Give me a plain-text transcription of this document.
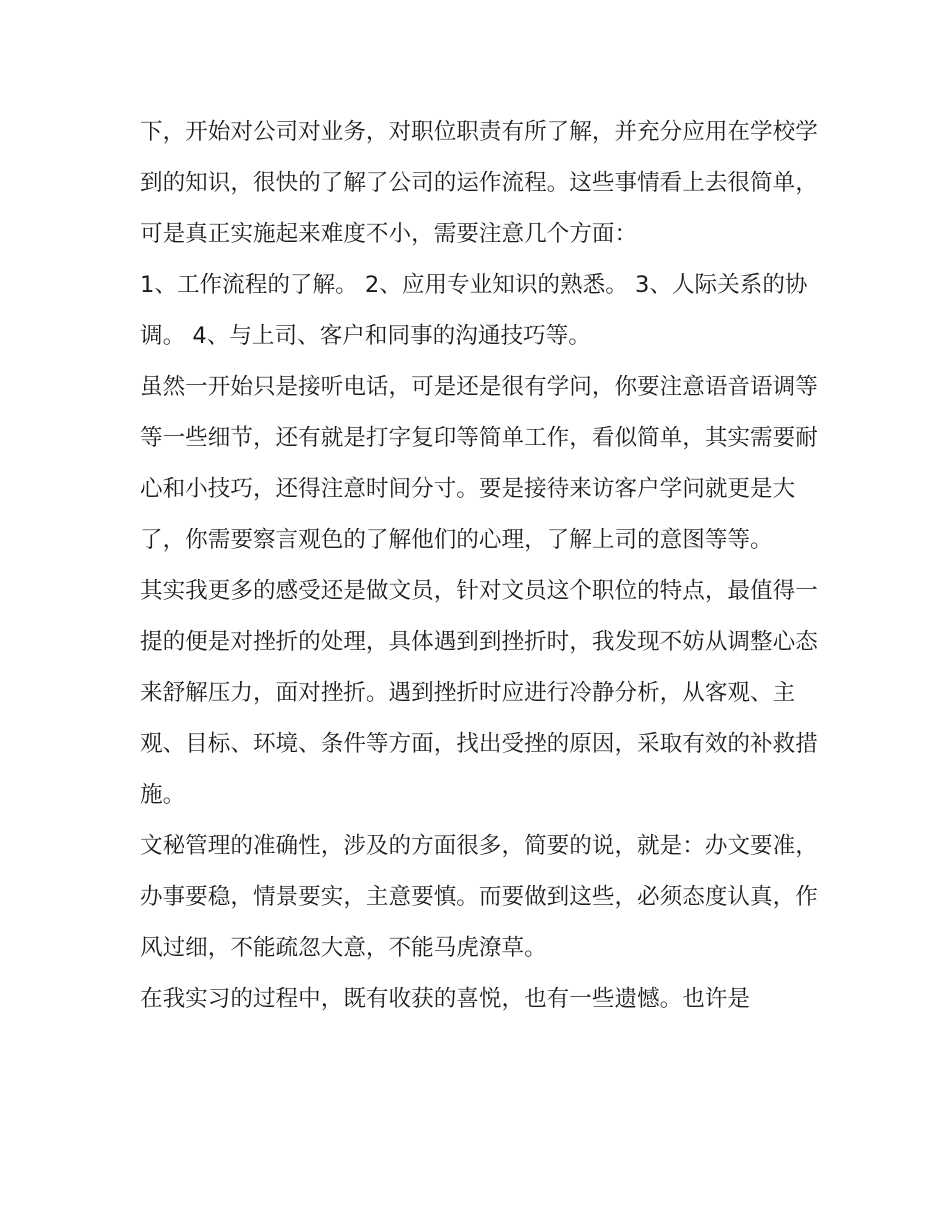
下，开始对公司对业务，对职位职责有所了解，并充分应用在学校学到的知识，很快的了解了公司的运作流程。这些事情看上去很简单，可是真正实施起来难度不小，需要注意几个方面：

1、工作流程的了解。 2、应用专业知识的熟悉。 3、人际关系的协调。 4、与上司、客户和同事的沟通技巧等。

虽然一开始只是接听电话，可是还是很有学问，你要注意语音语调等等一些细节，还有就是打字复印等简单工作，看似简单，其实需要耐心和小技巧，还得注意时间分寸。要是接待来访客户学问就更是大了，你需要察言观色的了解他们的心理，了解上司的意图等等。

其实我更多的感受还是做文员，针对文员这个职位的特点，最值得一提的便是对挫折的处理，具体遇到到挫折时，我发现不妨从调整心态来舒解压力，面对挫折。遇到挫折时应进行冷静分析，从客观、主观、目标、环境、条件等方面，找出受挫的原因，采取有效的补救措施。

文秘管理的准确性，涉及的方面很多，简要的说，就是：办文要准，办事要稳，情景要实，主意要慎。而要做到这些，必须态度认真，作风过细，不能疏忽大意，不能马虎潦草。

在我实习的过程中，既有收获的喜悦，也有一些遗憾。也许是
